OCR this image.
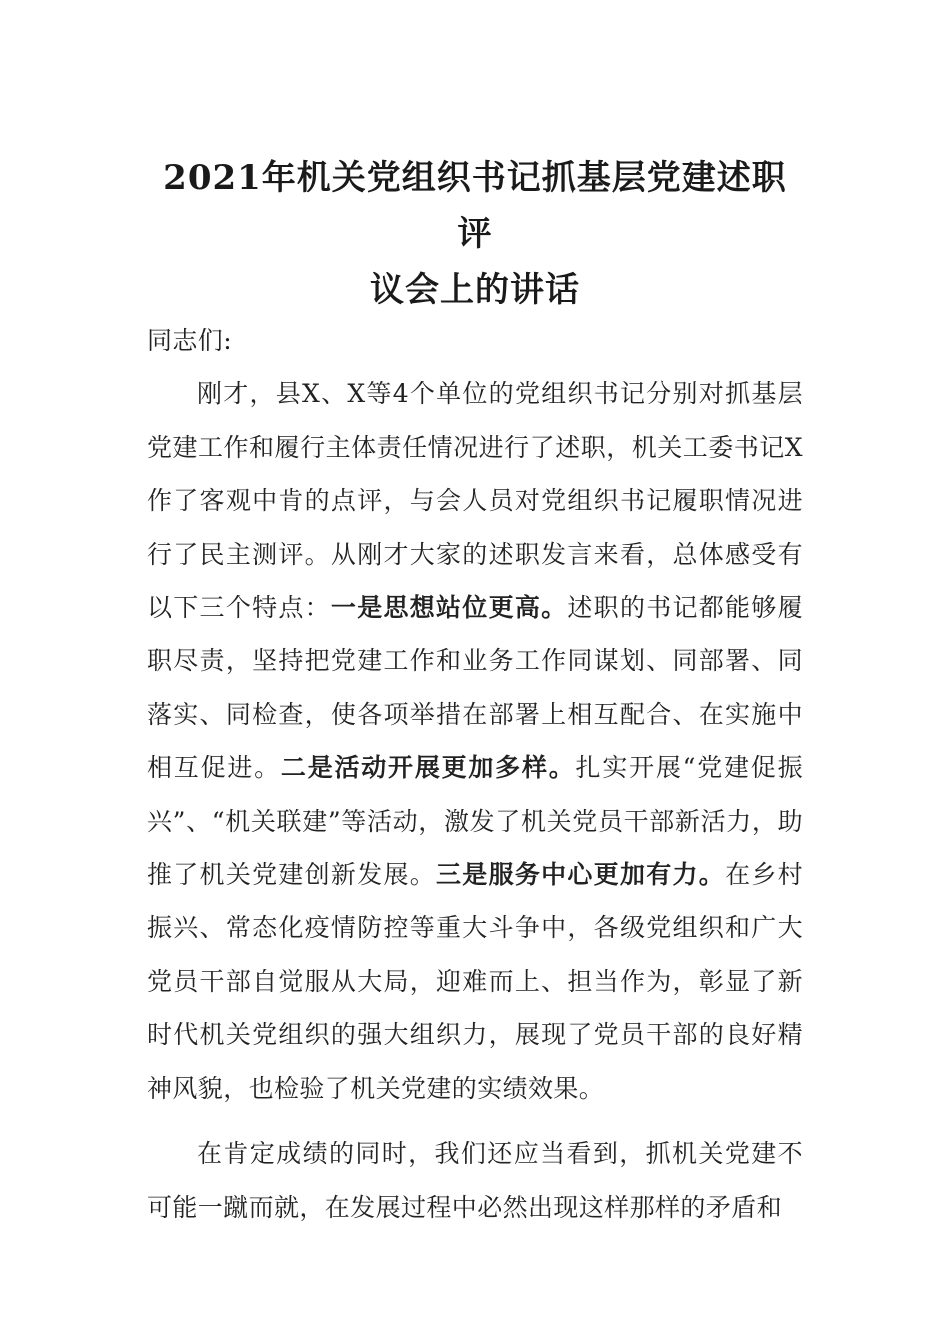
2021年机关党组织书记抓基层党建述职评
议会上的讲话

同志们:

刚才，县X、X等4个单位的党组织书记分别对抓基层党建工作和履行主体责任情况进行了述职，机关工委书记X作了客观中肯的点评，与会人员对党组织书记履职情况进行了民主测评。从刚才大家的述职发言来看，总体感受有以下三个特点：一是思想站位更高。述职的书记都能够履职尽责，坚持把党建工作和业务工作同谋划、同部署、同落实、同检查，使各项举措在部署上相互配合、在实施中相互促进。二是活动开展更加多样。扎实开展“党建促振兴”、“机关联建”等活动，激发了机关党员干部新活力，助推了机关党建创新发展。三是服务中心更加有力。在乡村振兴、常态化疫情防控等重大斗争中，各级党组织和广大党员干部自觉服从大局，迎难而上、担当作为，彰显了新时代机关党组织的强大组织力，展现了党员干部的良好精神风貌，也检验了机关党建的实绩效果。

在肯定成绩的同时，我们还应当看到，抓机关党建不可能一蹴而就，在发展过程中必然出现这样那样的矛盾和
